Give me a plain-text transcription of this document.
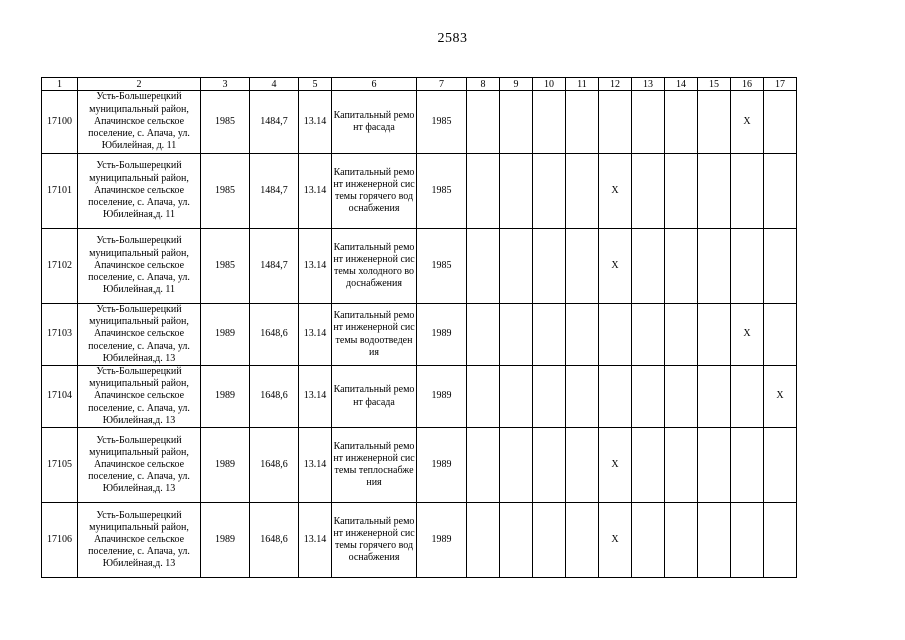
2583
1	2	3	4	5	6	7	8	9	10	11	12	13	14	15	16	17
17100	Усть-Большерецкий муниципальный район, Апачинское сельское поселение, с. Апача, ул. Юбилейная, д. 11	1985	1484,7	13.14	Капитальный ремонт фасада	1985									X	
17101	Усть-Большерецкий муниципальный район, Апачинское сельское поселение, с. Апача, ул. Юбилейная,д. 11	1985	1484,7	13.14	Капитальный ремонт инженерной системы горячего водоснабжения	1985					X					
17102	Усть-Большерецкий муниципальный район, Апачинское сельское поселение, с. Апача, ул. Юбилейная,д. 11	1985	1484,7	13.14	Капитальный ремонт инженерной системы холодного водоснабжения	1985					X					
17103	Усть-Большерецкий муниципальный район, Апачинское сельское поселение, с. Апача, ул. Юбилейная,д. 13	1989	1648,6	13.14	Капитальный ремонт инженерной системы водоотведения	1989									X	
17104	Усть-Большерецкий муниципальный район, Апачинское сельское поселение, с. Апача, ул. Юбилейная,д. 13	1989	1648,6	13.14	Капитальный ремонт фасада	1989										X
17105	Усть-Большерецкий муниципальный район, Апачинское сельское поселение, с. Апача, ул. Юбилейная,д. 13	1989	1648,6	13.14	Капитальный ремонт инженерной системы теплоснабжения	1989					X					
17106	Усть-Большерецкий муниципальный район, Апачинское сельское поселение, с. Апача, ул. Юбилейная,д. 13	1989	1648,6	13.14	Капитальный ремонт инженерной системы горячего водоснабжения	1989					X					
